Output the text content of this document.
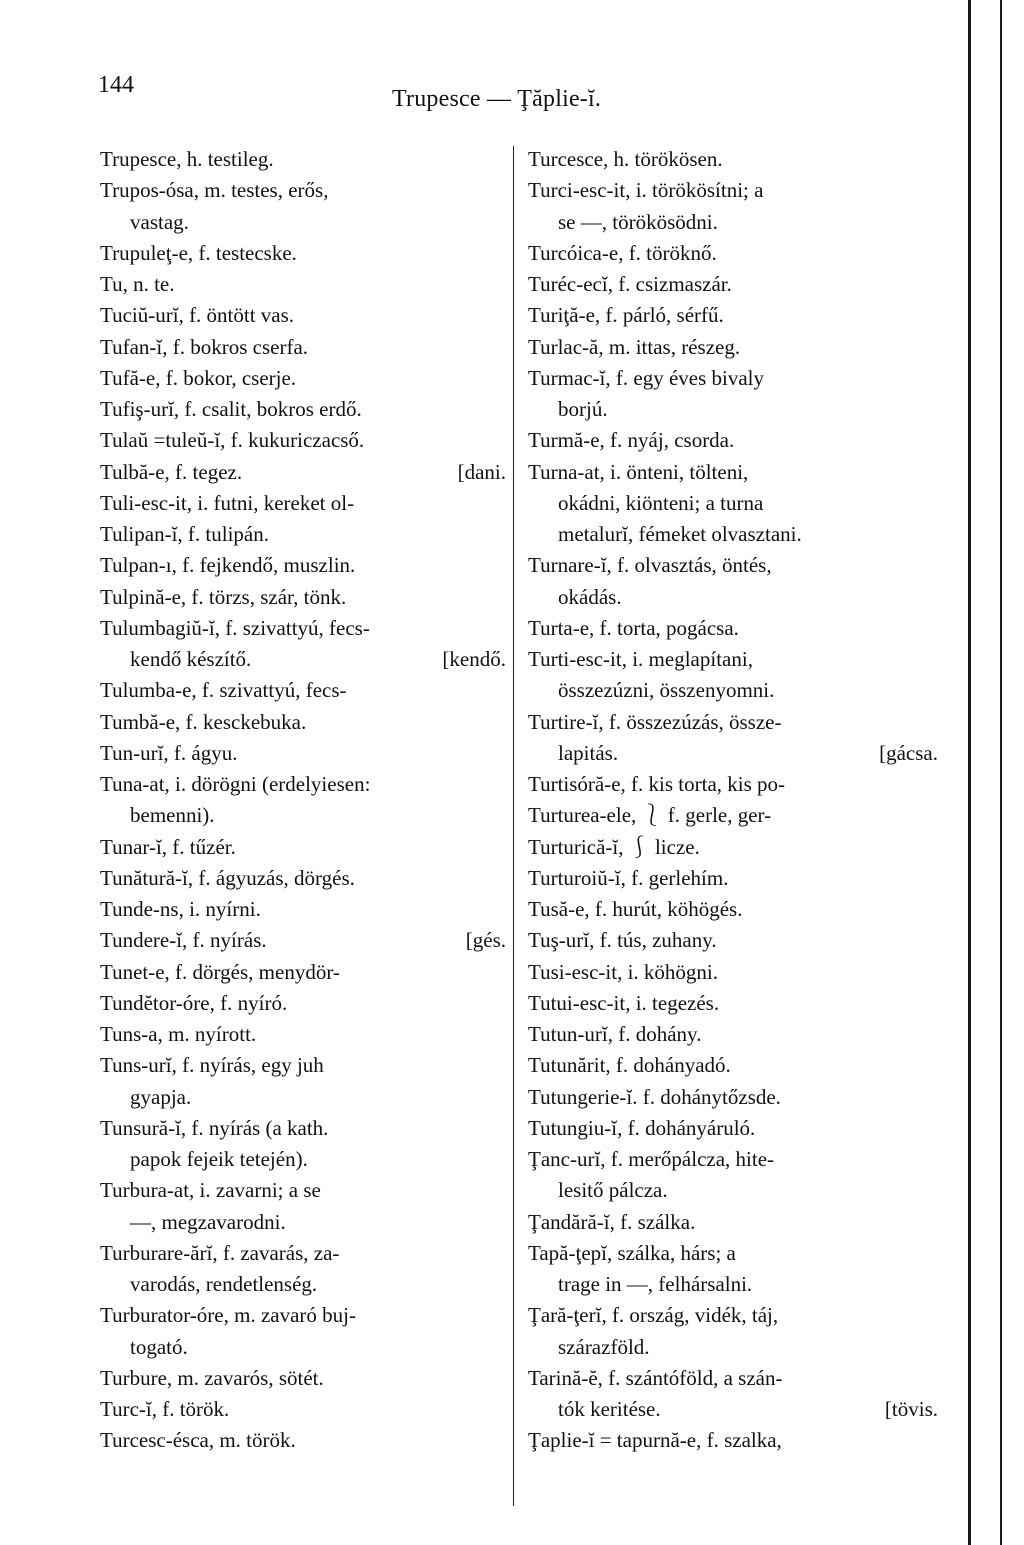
144
Trupesce — Ţăplie-ĭ.
Trupesce, h. testileg.
Trupos-ósa, m. testes, erős,
vastag.
Trupuleţ-e, f. testecske.
Tu, n. te.
Tuciŭ-urĭ, f. öntött vas.
Tufan-ĭ, f. bokros cserfa.
Tufă-e, f. bokor, cserje.
Tufiş-urĭ, f. csalit, bokros erdő.
Tulaŭ =tuleŭ-ĭ, f. kukuriczacső.
Tulbă-e, f. tegez.	[dani.
Tuli-esc-it, i. futni, kereket ol-
Tulipan-ĭ, f. tulipán.
Tulpan-ı, f. fejkendő, muszlin.
Tulpină-e, f. törzs, szár, tönk.
Tulumbagiŭ-ĭ, f. szivattyú, fecs-
kendő készítő.	[kendő.
Tulumba-e, f. szivattyú, fecs-
Tumbă-e, f. kesckebuka.
Tun-urĭ, f. ágyu.
Tuna-at, i. dörögni (erdelyiesen:
bemenni).
Tunar-ĭ, f. tűzér.
Tunătură-ĭ, f. ágyuzás, dörgés.
Tunde-ns, i. nyírni.
Tundere-ĭ, f. nyírás.	[gés.
Tunet-e, f. dörgés, menydör-
Tundĕtor-óre, f. nyíró.
Tuns-a, m. nyírott.
Tuns-urĭ, f. nyírás, egy juh
gyapja.
Tunsură-ĭ, f. nyírás (a kath.
papok fejeik tetején).
Turbura-at, i. zavarni; a se
—, megzavarodni.
Turburare-ărĭ, f. zavarás, za-
varodás, rendetlenség.
Turburator-óre, m. zavaró buj-
togató.
Turbure, m. zavarós, sötét.
Turc-ĭ, f. török.
Turcesc-ésca, m. török.
Turcesce, h. törökösen.
Turci-esc-it, i. törökösítni; a
se —, törökösödni.
Turcóica-e, f. töröknő.
Turéc-ecĭ, f. csizmaszár.
Turiţă-e, f. párló, sérfű.
Turlac-ă, m. ittas, részeg.
Turmac-ĭ, f. egy éves bivaly
borjú.
Turmă-e, f. nyáj, csorda.
Turna-at, i. önteni, tölteni,
okádni, kiönteni; a turna
metalurĭ, fémeket olvasztani.
Turnare-ĭ, f. olvasztás, öntés,
okádás.
Turta-e, f. torta, pogácsa.
Turti-esc-it, i. meglapítani,
összezúzni, összenyomni.
Turtire-ĭ, f. összezúzás, össze-
lapitás.	[gácsa.
Turtisóră-e, f. kis torta, kis po-
Turturea-ele, ⎱ f. gerle, ger-
Turturică-ĭ, ⎰ licze.
Turturoiŭ-ĭ, f. gerlehím.
Tusă-e, f. hurút, köhögés.
Tuş-urĭ, f. tús, zuhany.
Tusi-esc-it, i. köhögni.
Tutui-esc-it, i. tegezés.
Tutun-urĭ, f. dohány.
Tutunărit, f. dohányadó.
Tutungerie-ĭ. f. dohánytőzsde.
Tutungiu-ĭ, f. dohányáruló.
Ţanc-urĭ, f. merőpálcza, hite-
lesitő pálcza.
Ţandără-ĭ, f. szálka.
Tapă-ţepĭ, szálka, hárs; a
trage in —, felhársalni.
Ţară-ţerĭ, f. ország, vidék, táj,
szárazföld.
Tarină-ĕ, f. szántóföld, a szán-
tók keritése.	[tövis.
Ţaplie-ĭ = tapurnă-e, f. szalka,
